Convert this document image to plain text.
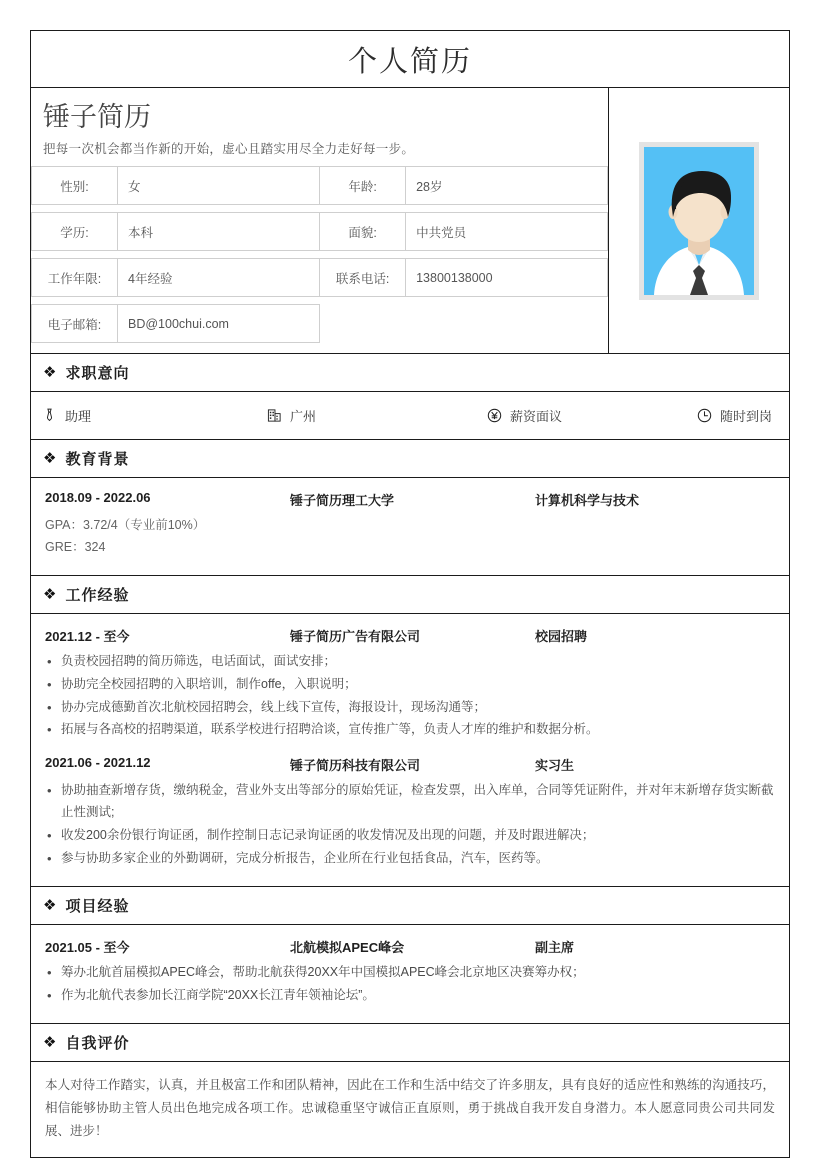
个人简历
锤子简历
把每一次机会都当作新的开始，虚心且踏实用尽全力走好每一步。
性别:	女	年龄:	28岁

学历:	本科	面貌:	中共党员

工作年限:	4年经验	联系电话:	13800138000

电子邮箱:	BD@100chui.com		
❖ 求职意向
助理	广州	薪资面议	随时到岗
❖ 教育背景
2018.09 - 2022.06	锤子简历理工大学	计算机科学与技术
GPA：3.72/4（专业前10%）
GRE：324
❖ 工作经验
2021.12 - 至今	锤子简历广告有限公司	校园招聘
• 负责校园招聘的简历筛选，电话面试，面试安排；
• 协助完全校园招聘的入职培训，制作offe，入职说明；
• 协办完成德勤首次北航校园招聘会，线上线下宣传，海报设计，现场沟通等；
• 拓展与各高校的招聘渠道，联系学校进行招聘洽谈，宣传推广等，负责人才库的维护和数据分析。
2021.06 - 2021.12	锤子简历科技有限公司	实习生
• 协助抽查新增存货，缴纳税金，营业外支出等部分的原始凭证，检查发票，出入库单，合同等凭证附件，并对年末新增存货实断截止性测试;
• 收发200余份银行询证函，制作控制日志记录询证函的收发情况及出现的问题，并及时跟进解决；
• 参与协助多家企业的外勤调研，完成分析报告，企业所在行业包括食品，汽车，医药等。
❖ 项目经验
2021.05 - 至今	北航模拟APEC峰会	副主席
• 筹办北航首届模拟APEC峰会，帮助北航获得20XX年中国模拟APEC峰会北京地区决赛筹办权；
• 作为北航代表参加长江商学院“20XX长江青年领袖论坛”。
❖ 自我评价
本人对待工作踏实，认真，并且极富工作和团队精神，因此在工作和生活中结交了许多朋友，具有良好的适应性和熟练的沟通技巧，相信能够协助主管人员出色地完成各项工作。忠诚稳重坚守诚信正直原则，勇于挑战自我开发自身潜力。本人愿意同贵公司共同发展、进步！
